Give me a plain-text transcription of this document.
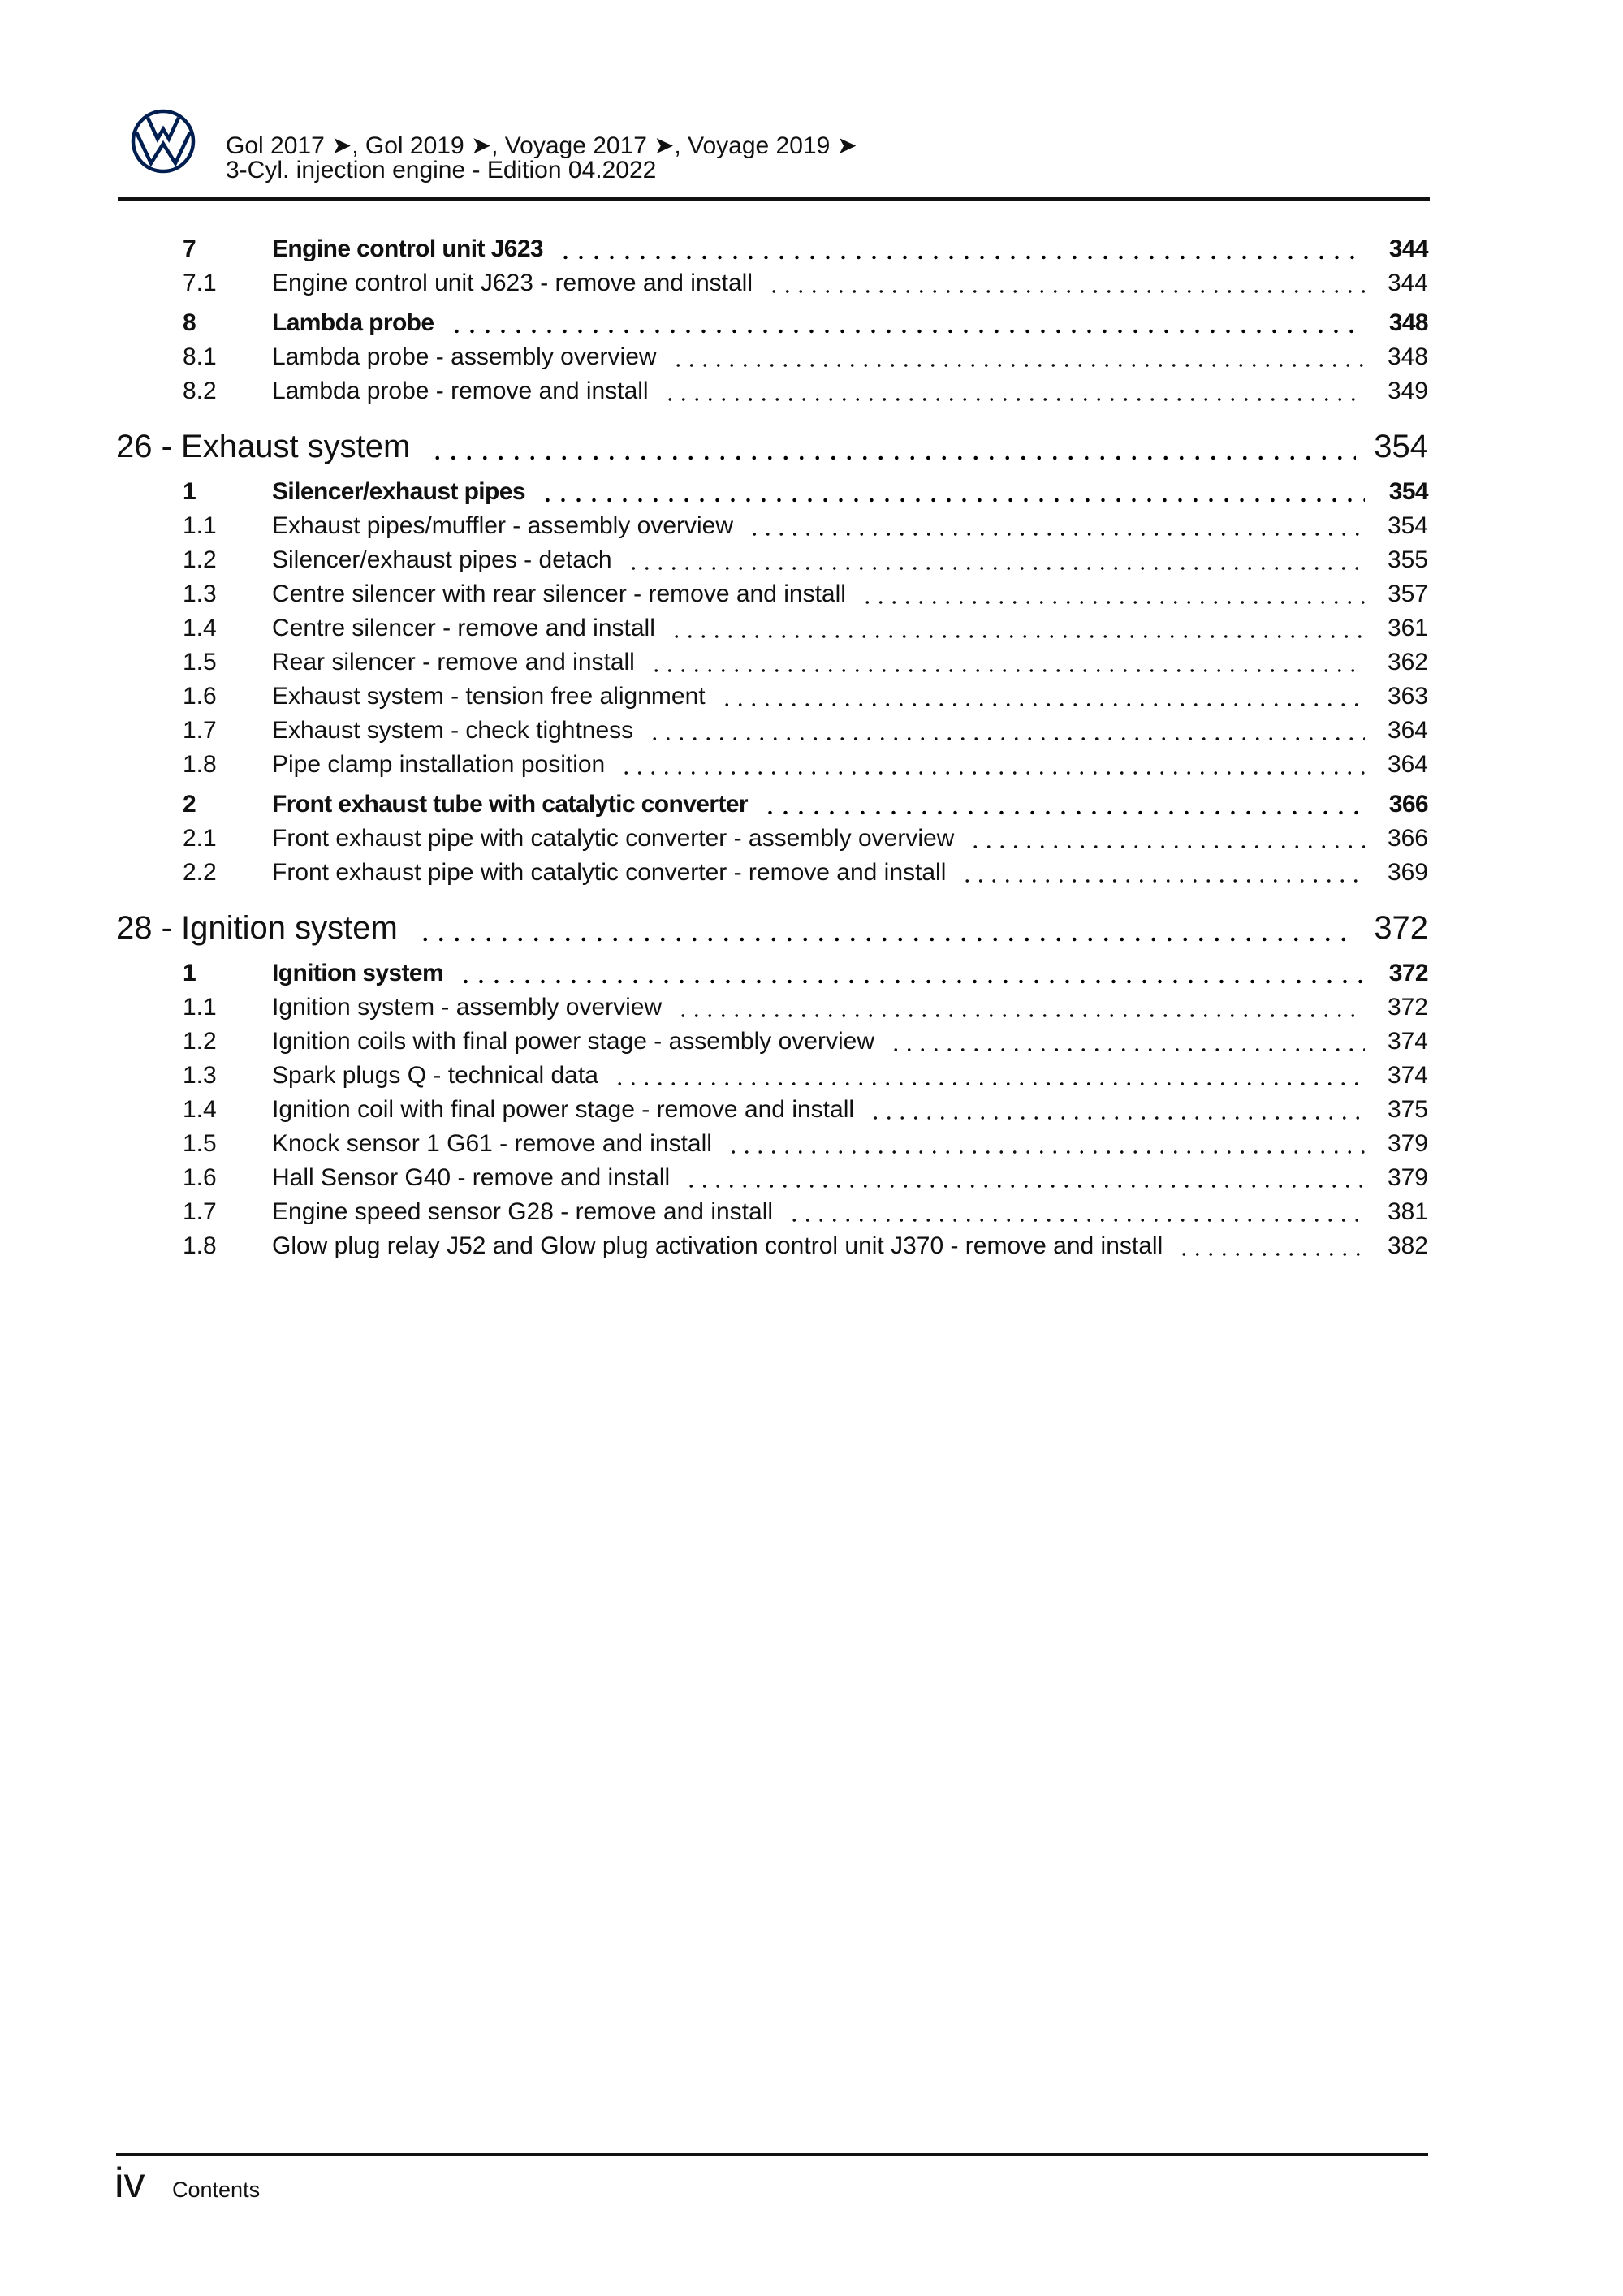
Gol 2017 ➤, Gol 2019 ➤, Voyage 2017 ➤, Voyage 2019 ➤
3-Cyl. injection engine - Edition 04.2022
7	Engine control unit J623	344
7.1 Engine control unit J623 - remove and install	344
8	Lambda probe	348
8.1 Lambda probe - assembly overview	348
8.2 Lambda probe - remove and install	349
26 - Exhaust system	354
1	Silencer/exhaust pipes	354
1.1 Exhaust pipes/muffler - assembly overview	354
1.2 Silencer/exhaust pipes - detach	355
1.3 Centre silencer with rear silencer - remove and install	357
1.4 Centre silencer - remove and install	361
1.5 Rear silencer - remove and install	362
1.6 Exhaust system - tension free alignment	363
1.7 Exhaust system - check tightness	364
1.8 Pipe clamp installation position	364
2	Front exhaust tube with catalytic converter	366
2.1 Front exhaust pipe with catalytic converter - assembly overview	366
2.2 Front exhaust pipe with catalytic converter - remove and install	369
28 - Ignition system	372
1	Ignition system	372
1.1 Ignition system - assembly overview	372
1.2 Ignition coils with final power stage - assembly overview	374
1.3 Spark plugs Q - technical data	374
1.4 Ignition coil with final power stage - remove and install	375
1.5 Knock sensor 1 G61 - remove and install	379
1.6 Hall Sensor G40 - remove and install	379
1.7 Engine speed sensor G28 - remove and install	381
1.8 Glow plug relay J52 and Glow plug activation control unit J370 - remove and install	382
iv Contents
